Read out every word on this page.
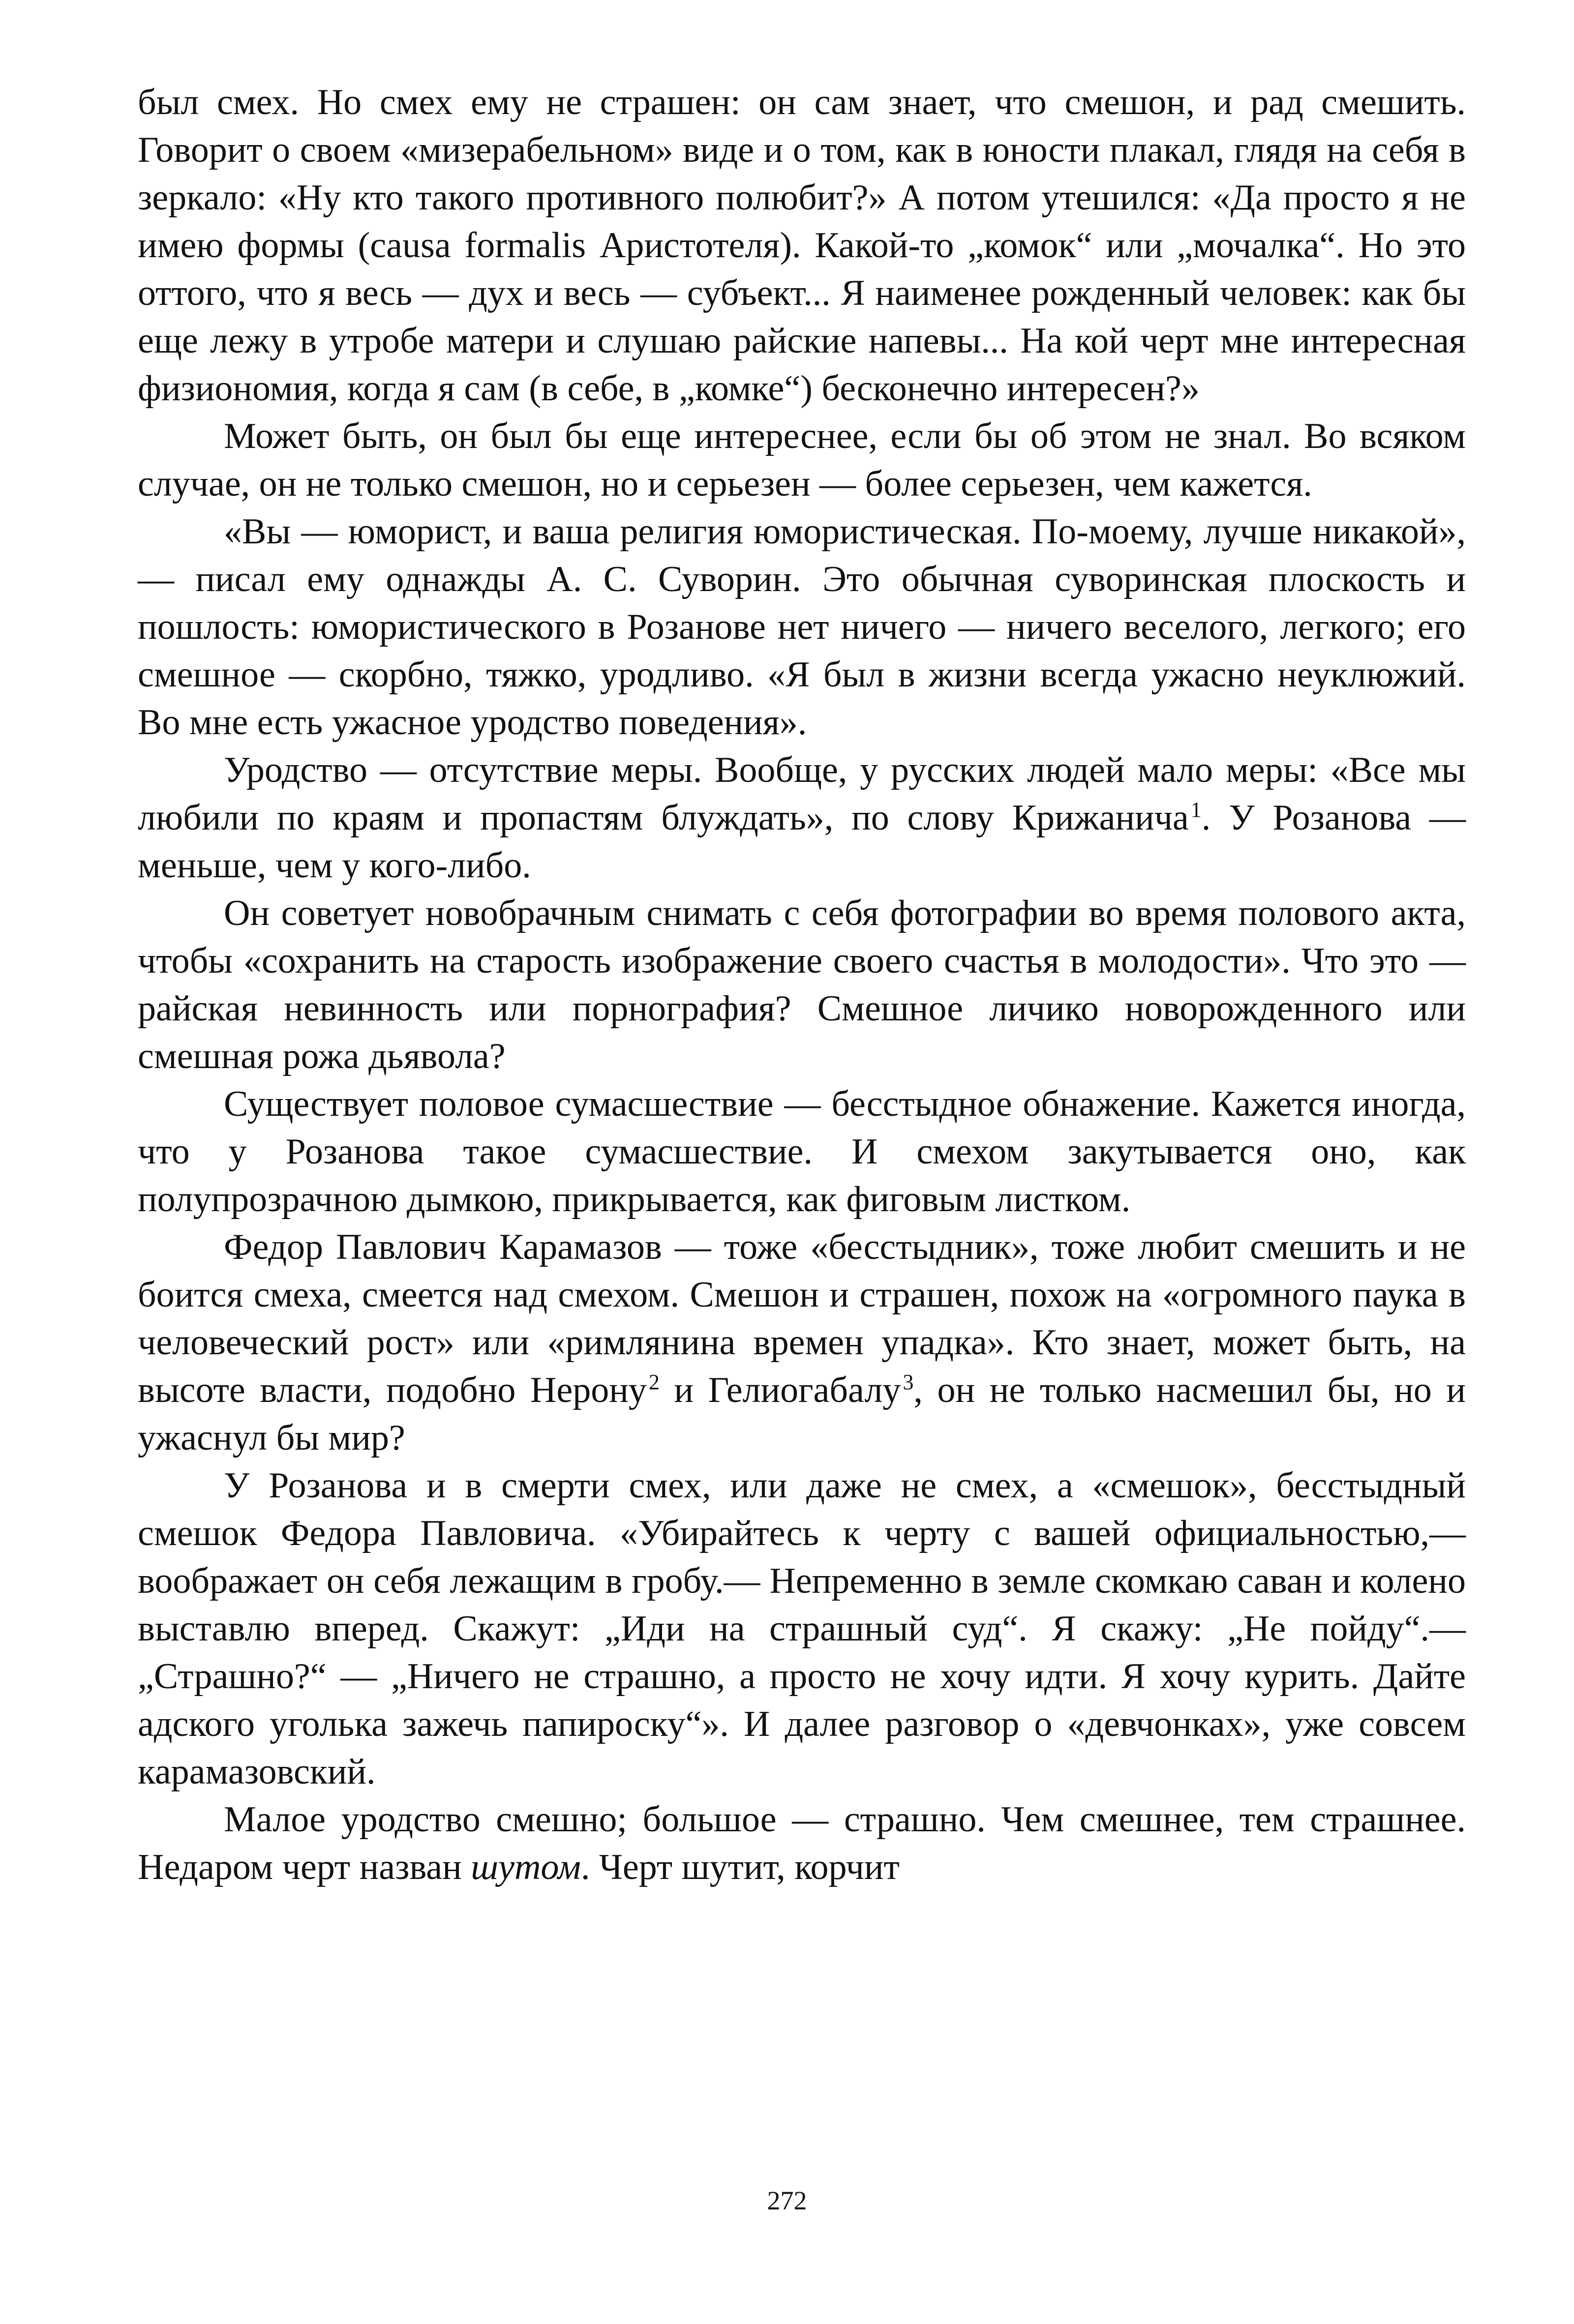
был смех. Но смех ему не страшен: он сам знает, что смешон, и рад смешить. Говорит о своем «мизерабельном» виде и о том, как в юности плакал, глядя на себя в зеркало: «Ну кто такого противного полюбит?» А потом утешился: «Да просто я не имею формы (causa formalis Аристотеля). Какой-то „комок“ или „мочалка“. Но это оттого, что я весь — дух и весь — субъект... Я наименее рожденный человек: как бы еще лежу в утробе матери и слушаю райские напевы... На кой черт мне интересная физиономия, когда я сам (в себе, в „комке“) бесконечно интересен?»

Может быть, он был бы еще интереснее, если бы об этом не знал. Во всяком случае, он не только смешон, но и серьезен — более серьезен, чем кажется.

«Вы — юморист, и ваша религия юмористическая. По-моему, лучше никакой»,— писал ему однажды А. С. Суворин. Это обычная суворинская плоскость и пошлость: юмористического в Розанове нет ничего — ничего веселого, легкого; его смешное — скорбно, тяжко, уродливо. «Я был в жизни всегда ужасно неуклюжий. Во мне есть ужасное уродство поведения».

Уродство — отсутствие меры. Вообще, у русских людей мало меры: «Все мы любили по краям и пропастям блуждать», по слову Крижанича$^1$. У Розанова — меньше, чем у кого-либо.

Он советует новобрачным снимать с себя фотографии во время полового акта, чтобы «сохранить на старость изображение своего счастья в молодости». Что это — райская невинность или порнография? Смешное личико новорожденного или смешная рожа дьявола?

Существует половое сумасшествие — бесстыдное обнажение. Кажется иногда, что у Розанова такое сумасшествие. И смехом закутывается оно, как полупрозрачною дымкою, прикрывается, как фиговым листком.

Федор Павлович Карамазов — тоже «бесстыдник», тоже любит смешить и не боится смеха, смеется над смехом. Смешон и страшен, похож на «огромного паука в человеческий рост» или «римлянина времен упадка». Кто знает, может быть, на высоте власти, подобно Нерону$^2$ и Гелиогабалу$^3$, он не только насмешил бы, но и ужаснул бы мир?

У Розанова и в смерти смех, или даже не смех, а «смешок», бесстыдный смешок Федора Павловича. «Убирайтесь к черту с вашей официальностью,— воображает он себя лежащим в гробу.— Непременно в земле скомкаю саван и колено выставлю вперед. Скажут: „Иди на страшный суд“. Я скажу: „Не пойду“.— „Страшно?“ — „Ничего не страшно, а просто не хочу идти. Я хочу курить. Дайте адского уголька зажечь папироску“». И далее разговор о «девчонках», уже совсем карамазовский.

Малое уродство смешно; большое — страшно. Чем смешнее, тем страшнее. Недаром черт назван шутом. Черт шутит, корчит

272
